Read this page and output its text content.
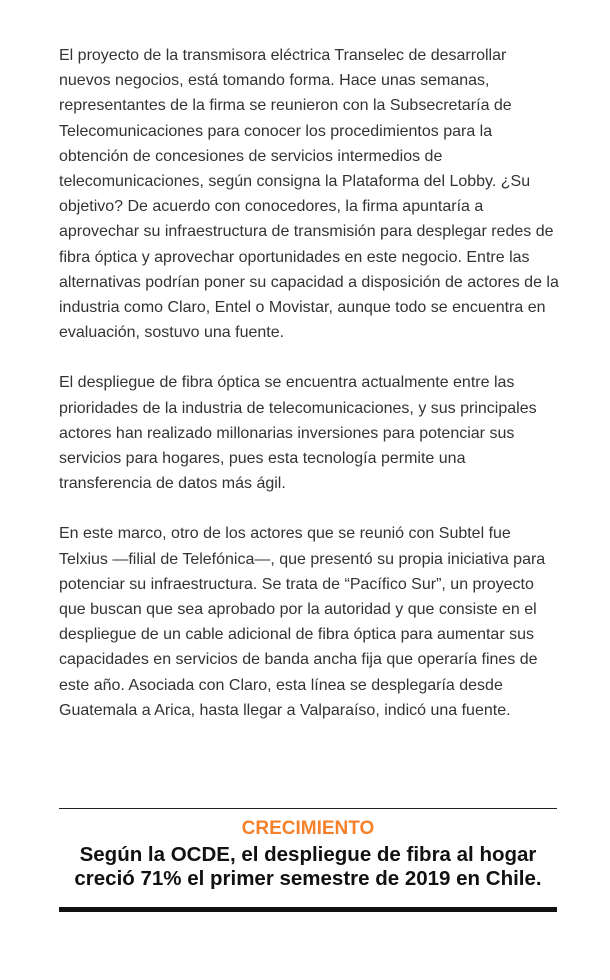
El proyecto de la transmisora eléctrica Transelec de desarrollar nuevos negocios, está tomando forma. Hace unas semanas, representantes de la firma se reunieron con la Subsecretaría de Telecomunicaciones para conocer los procedimientos para la obtención de concesiones de servicios intermedios de telecomunicaciones, según consigna la Plataforma del Lobby. ¿Su objetivo? De acuerdo con conocedores, la firma apuntaría a aprovechar su infraestructura de transmisión para desplegar redes de fibra óptica y aprovechar oportunidades en este negocio. Entre las alternativas podrían poner su capacidad a disposición de actores de la industria como Claro, Entel o Movistar, aunque todo se encuentra en evaluación, sostuvo una fuente.

El despliegue de fibra óptica se encuentra actualmente entre las prioridades de la industria de telecomunicaciones, y sus principales actores han realizado millonarias inversiones para potenciar sus servicios para hogares, pues esta tecnología permite una transferencia de datos más ágil.

En este marco, otro de los actores que se reunió con Subtel fue Telxius —filial de Telefónica—, que presentó su propia iniciativa para potenciar su infraestructura. Se trata de “Pacífico Sur”, un proyecto que buscan que sea aprobado por la autoridad y que consiste en el despliegue de un cable adicional de fibra óptica para aumentar sus capacidades en servicios de banda ancha fija que operaría fines de este año. Asociada con Claro, esta línea se desplegaría desde Guatemala a Arica, hasta llegar a Valparaíso, indicó una fuente.

CRECIMIENTO
Según la OCDE, el despliegue de fibra al hogar creció 71% el primer semestre de 2019 en Chile.
